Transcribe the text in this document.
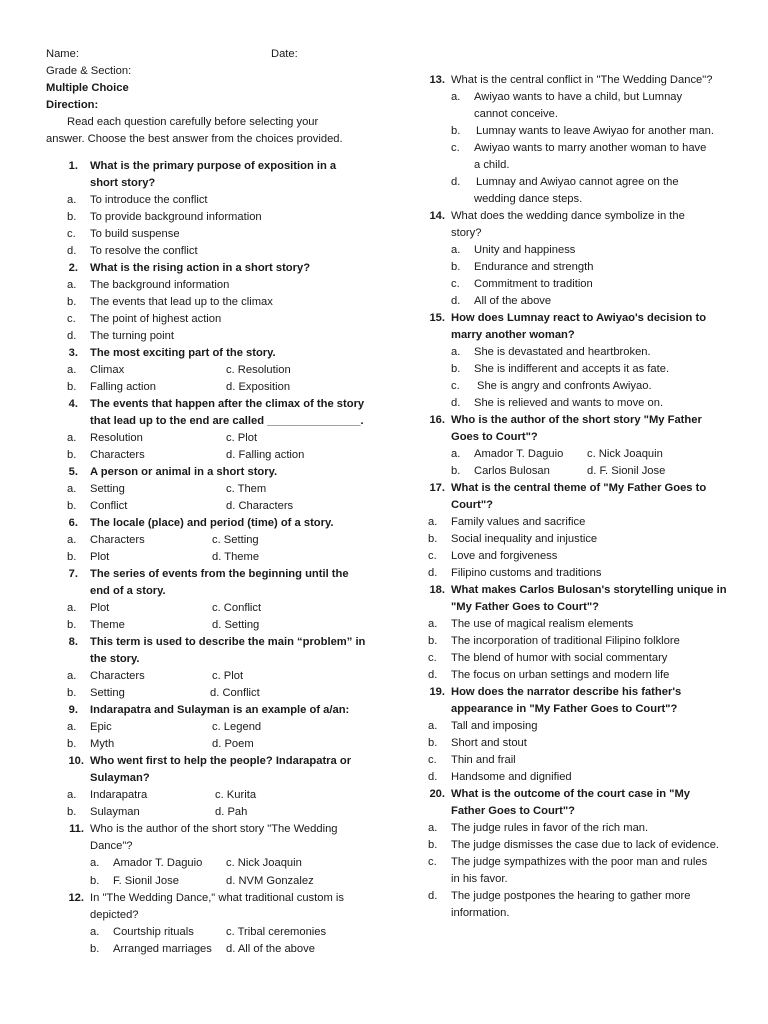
Name:	Date:
Grade & Section:
Multiple Choice
Direction:
Read each question carefully before selecting your
answer. Choose the best answer from the choices provided.
1. What is the primary purpose of exposition in a
short story?
a. To introduce the conflict
b. To provide background information
c. To build suspense
d. To resolve the conflict
2. What is the rising action in a short story?
a. The background information
b. The events that lead up to the climax
c. The point of highest action
d. The turning point
3. The most exciting part of the story.
a. Climax	c. Resolution
b. Falling action	d. Exposition
4. The events that happen after the climax of the story
that lead up to the end are called _______________.
a. Resolution	c. Plot
b. Characters	d. Falling action
5. A person or animal in a short story.
a. Setting	c. Them
b. Conflict	d. Characters
6. The locale (place) and period (time) of a story.
a. Characters	c. Setting
b. Plot	d. Theme
7. The series of events from the beginning until the
end of a story.
a. Plot	c. Conflict
b. Theme	d. Setting
8. This term is used to describe the main “problem” in
the story.
a. Characters	c. Plot
b. Setting	d. Conflict
9. Indarapatra and Sulayman is an example of a/an:
a. Epic	c. Legend
b. Myth	d. Poem
10. Who went first to help the people? Indarapatra or
Sulayman?
a. Indarapatra	c. Kurita
b. Sulayman	d. Pah
11. Who is the author of the short story "The Wedding
Dance"?
a. Amador T. Daguio c. Nick Joaquin
b. F. Sionil Jose	d. NVM Gonzalez
12. In "The Wedding Dance," what traditional custom is
depicted?
a. Courtship rituals	c. Tribal ceremonies
b. Arranged marriages d. All of the above
13. What is the central conflict in "The Wedding Dance"?
a. Awiyao wants to have a child, but Lumnay
cannot conceive.
b. Lumnay wants to leave Awiyao for another man.
c. Awiyao wants to marry another woman to have
a child.
d. Lumnay and Awiyao cannot agree on the
wedding dance steps.
14. What does the wedding dance symbolize in the
story?
a. Unity and happiness
b. Endurance and strength
c. Commitment to tradition
d. All of the above
15. How does Lumnay react to Awiyao's decision to
marry another woman?
a. She is devastated and heartbroken.
b. She is indifferent and accepts it as fate.
c. She is angry and confronts Awiyao.
d. She is relieved and wants to move on.
16. Who is the author of the short story "My Father
Goes to Court"?
a. Amador T. Daguio c. Nick Joaquin
b. Carlos Bulosan	d. F. Sionil Jose
17. What is the central theme of "My Father Goes to
Court"?
a. Family values and sacrifice
b. Social inequality and injustice
c. Love and forgiveness
d. Filipino customs and traditions
18. What makes Carlos Bulosan's storytelling unique in
"My Father Goes to Court"?
a. The use of magical realism elements
b. The incorporation of traditional Filipino folklore
c. The blend of humor with social commentary
d. The focus on urban settings and modern life
19. How does the narrator describe his father's
appearance in "My Father Goes to Court"?
a. Tall and imposing
b. Short and stout
c. Thin and frail
d. Handsome and dignified
20. What is the outcome of the court case in "My
Father Goes to Court"?
a. The judge rules in favor of the rich man.
b. The judge dismisses the case due to lack of evidence.
c. The judge sympathizes with the poor man and rules
in his favor.
d. The judge postpones the hearing to gather more
information.
